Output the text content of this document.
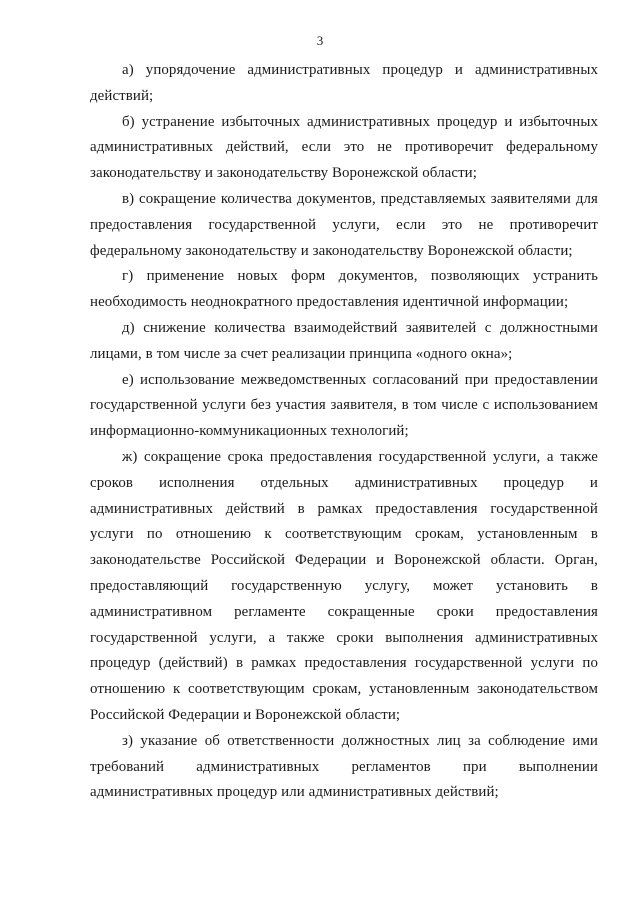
3

а) упорядочение административных процедур и административных действий;

б) устранение избыточных административных процедур и избыточных административных действий, если это не противоречит федеральному законодательству и законодательству Воронежской области;

в) сокращение количества документов, представляемых заявителями для предоставления государственной услуги, если это не противоречит федеральному законодательству и законодательству Воронежской области;

г) применение новых форм документов, позволяющих устранить необходимость неоднократного предоставления идентичной информации;

д) снижение количества взаимодействий заявителей с должностными лицами, в том числе за счет реализации принципа «одного окна»;

е) использование межведомственных согласований при предоставлении государственной услуги без участия заявителя, в том числе с использованием информационно-коммуникационных технологий;

ж) сокращение срока предоставления государственной услуги, а также сроков исполнения отдельных административных процедур и административных действий в рамках предоставления государственной услуги по отношению к соответствующим срокам, установленным в законодательстве Российской Федерации и Воронежской области. Орган, предоставляющий государственную услугу, может установить в административном регламенте сокращенные сроки предоставления государственной услуги, а также сроки выполнения административных процедур (действий) в рамках предоставления государственной услуги по отношению к соответствующим срокам, установленным законодательством Российской Федерации и Воронежской области;

з) указание об ответственности должностных лиц за соблюдение ими требований административных регламентов при выполнении административных процедур или административных действий;
